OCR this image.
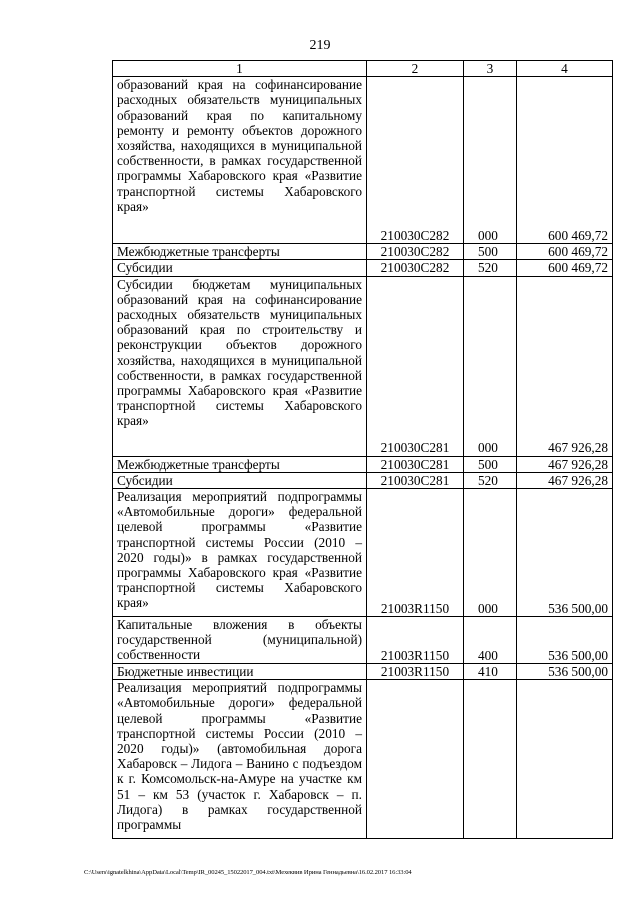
219
1	2	3	4
образований края на софинансирование расходных обязательств муниципальных образований края по капитальному ремонту и ремонту объектов дорожного хозяйства, находящихся в муниципальной собственности, в рамках государственной программы Хабаровского края «Развитие транспортной системы Хабаровского края»	210030С282	000	600 469,72
Межбюджетные трансферты	210030С282	500	600 469,72
Субсидии	210030С282	520	600 469,72
Субсидии бюджетам муниципальных образований края на софинансирование расходных обязательств муниципальных образований края по строительству и реконструкции объектов дорожного хозяйства, находящихся в муниципальной собственности, в рамках государственной программы Хабаровского края «Развитие транспортной системы Хабаровского края»	210030С281	000	467 926,28
Межбюджетные трансферты	210030С281	500	467 926,28
Субсидии	210030С281	520	467 926,28
Реализация мероприятий подпрограммы «Автомобильные дороги» федеральной целевой программы «Развитие транспортной системы России (2010 – 2020 годы)» в рамках государственной программы Хабаровского края «Развитие транспортной системы Хабаровского края»	21003R1150	000	536 500,00
Капитальные вложения в объекты государственной (муниципальной) собственности	21003R1150	400	536 500,00
Бюджетные инвестиции	21003R1150	410	536 500,00
Реализация мероприятий подпрограммы «Автомобильные дороги» федеральной целевой программы «Развитие транспортной системы России (2010 – 2020 годы)» (автомобильная дорога Хабаровск – Лидога – Ванино с подъездом к г. Комсомольск-на-Амуре на участке км 51 – км 53 (участок г. Хабаровск – п. Лидога) в рамках государственной программы			
C:\Users\ignatelkhina\AppData\Local\Temp\IR_00245_15022017_004.txt\Мехеквив Ирина Геннадьевна\16.02.2017 16:33:04
